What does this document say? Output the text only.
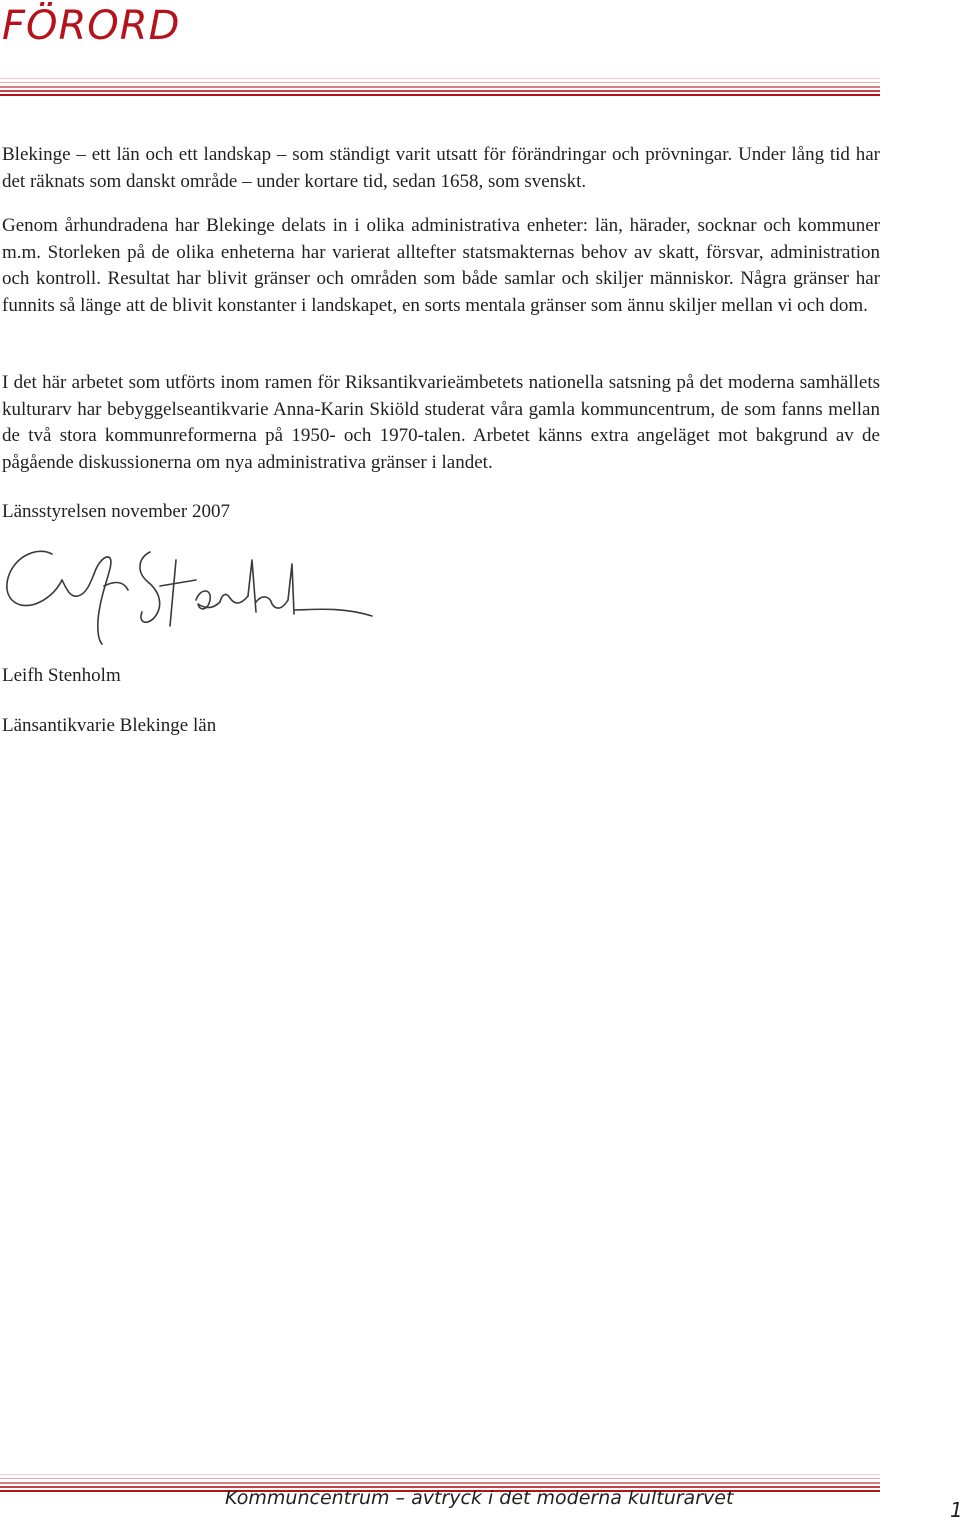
FÖRORD

Blekinge – ett län och ett landskap – som ständigt varit utsatt för förändringar och prövningar. Under lång tid har det räknats som danskt område – under kortare tid, sedan 1658, som svenskt.

Genom århundradena har Blekinge delats in i olika administrativa enheter: län, härader, socknar och kommuner m.m. Storleken på de olika enheterna har varierat alltefter statsmakternas behov av skatt, försvar, administration och kontroll. Resultat har blivit gränser och områden som både samlar och skiljer människor. Några gränser har funnits så länge att de blivit konstanter i landskapet, en sorts mentala gränser som ännu skiljer mellan vi och dom.

I det här arbetet som utförts inom ramen för Riksantikvarieämbetets nationella satsning på det moderna samhällets kulturarv har bebyggelseantikvarie Anna-Karin Skiöld studerat våra gamla kommuncentrum, de som fanns mellan de två stora kommunreformerna på 1950- och 1970-talen. Arbetet känns extra angeläget mot bakgrund av de pågående diskussionerna om nya administrativa gränser i landet.

Länsstyrelsen november 2007

Leifh Stenholm

Länsantikvarie Blekinge län

Kommuncentrum – avtryck i det moderna kulturarvet	1
